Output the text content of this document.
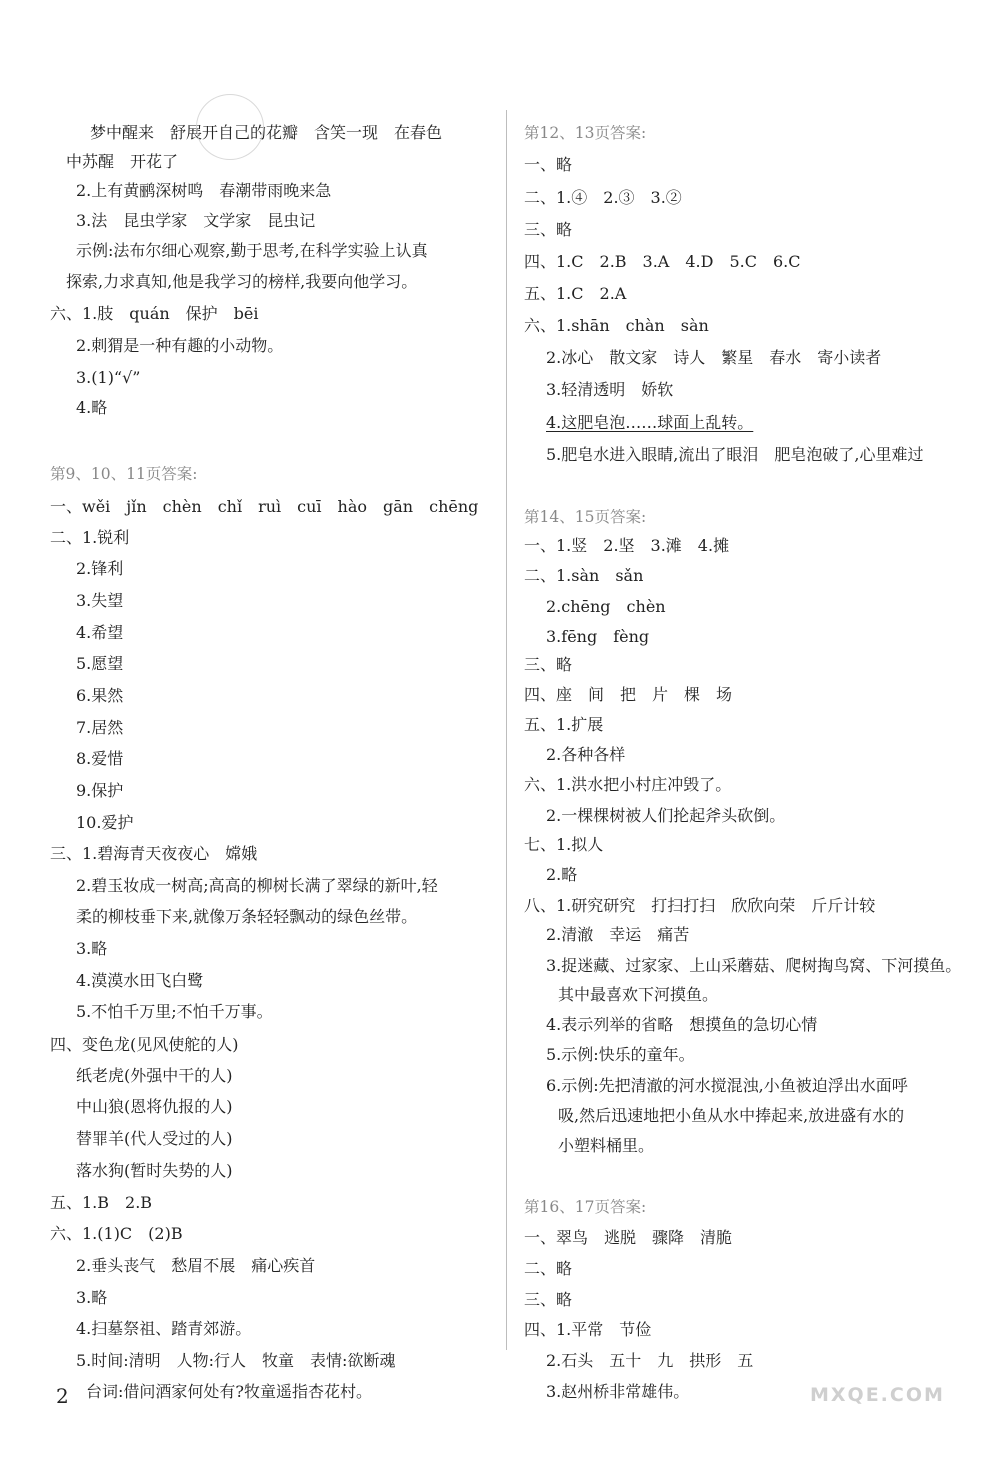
梦中醒来　舒展开自己的花瓣　含笑一现　在春色
中苏醒　开花了
2.上有黄鹂深树鸣　春潮带雨晚来急
3.法　昆虫学家　文学家　昆虫记
示例:法布尔细心观察,勤于思考,在科学实验上认真
探索,力求真知,他是我学习的榜样,我要向他学习。
六、1.肢　quán　保护　bēi
2.刺猬是一种有趣的小动物。
3.(1)“√”
4.略
第9、10、11页答案:
一、wěi　jǐn　chèn　chǐ　ruì　cuī　hào　gān　chēng
二、1.锐利
2.锋利
3.失望
4.希望
5.愿望
6.果然
7.居然
8.爱惜
9.保护
10.爱护
三、1.碧海青天夜夜心　嫦娥
2.碧玉妆成一树高;高高的柳树长满了翠绿的新叶,轻
柔的柳枝垂下来,就像万条轻轻飘动的绿色丝带。
3.略
4.漠漠水田飞白鹭
5.不怕千万里;不怕千万事。
四、变色龙(见风使舵的人)
纸老虎(外强中干的人)
中山狼(恩将仇报的人)
替罪羊(代人受过的人)
落水狗(暂时失势的人)
五、1.B　2.B
六、1.(1)C　(2)B
2.垂头丧气　愁眉不展　痛心疾首
3.略
4.扫墓祭祖、踏青郊游。
5.时间:清明　人物:行人　牧童　表情:欲断魂
台词:借问酒家何处有?牧童遥指杏花村。
第12、13页答案:
一、略
二、1.④　2.③　3.②
三、略
四、1.C　2.B　3.A　4.D　5.C　6.C
五、1.C　2.A
六、1.shān　chàn　sàn
2.冰心　散文家　诗人　繁星　春水　寄小读者
3.轻清透明　娇软
4.这肥皂泡……球面上乱转。
5.肥皂水进入眼睛,流出了眼泪　肥皂泡破了,心里难过
第14、15页答案:
一、1.竖　2.坚　3.滩　4.摊
二、1.sàn　sǎn
2.chēng　chèn
3.fēng　fèng
三、略
四、座　间　把　片　棵　场
五、1.扩展
2.各种各样
六、1.洪水把小村庄冲毁了。
2.一棵棵树被人们抡起斧头砍倒。
七、1.拟人
2.略
八、1.研究研究　打扫打扫　欣欣向荣　斤斤计较
2.清澈　幸运　痛苦
3.捉迷藏、过家家、上山采蘑菇、爬树掏鸟窝、下河摸鱼。
其中最喜欢下河摸鱼。
4.表示列举的省略　想摸鱼的急切心情
5.示例:快乐的童年。
6.示例:先把清澈的河水搅混浊,小鱼被迫浮出水面呼
吸,然后迅速地把小鱼从水中捧起来,放进盛有水的
小塑料桶里。
第16、17页答案:
一、翠鸟　逃脱　骤降　清脆
二、略
三、略
四、1.平常　节俭
2.石头　五十　九　拱形　五
3.赵州桥非常雄伟。
2	MXQE.COM
